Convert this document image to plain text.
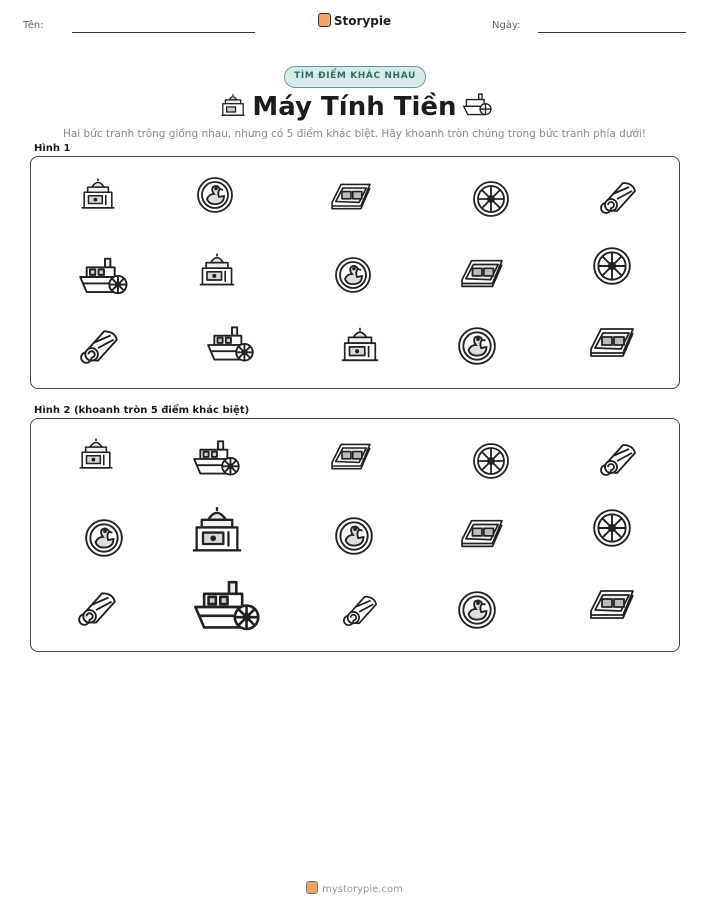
Tên:	Storypie	Ngày:
TÌM ĐIỂM KHÁC NHAU
Máy Tính Tiền
Hai bức tranh trông giống nhau, nhưng có 5 điểm khác biệt. Hãy khoanh tròn chúng trong bức tranh phía dưới!
Hình 1
Hình 2 (khoanh tròn 5 điểm khác biệt)
mystorypie.com
